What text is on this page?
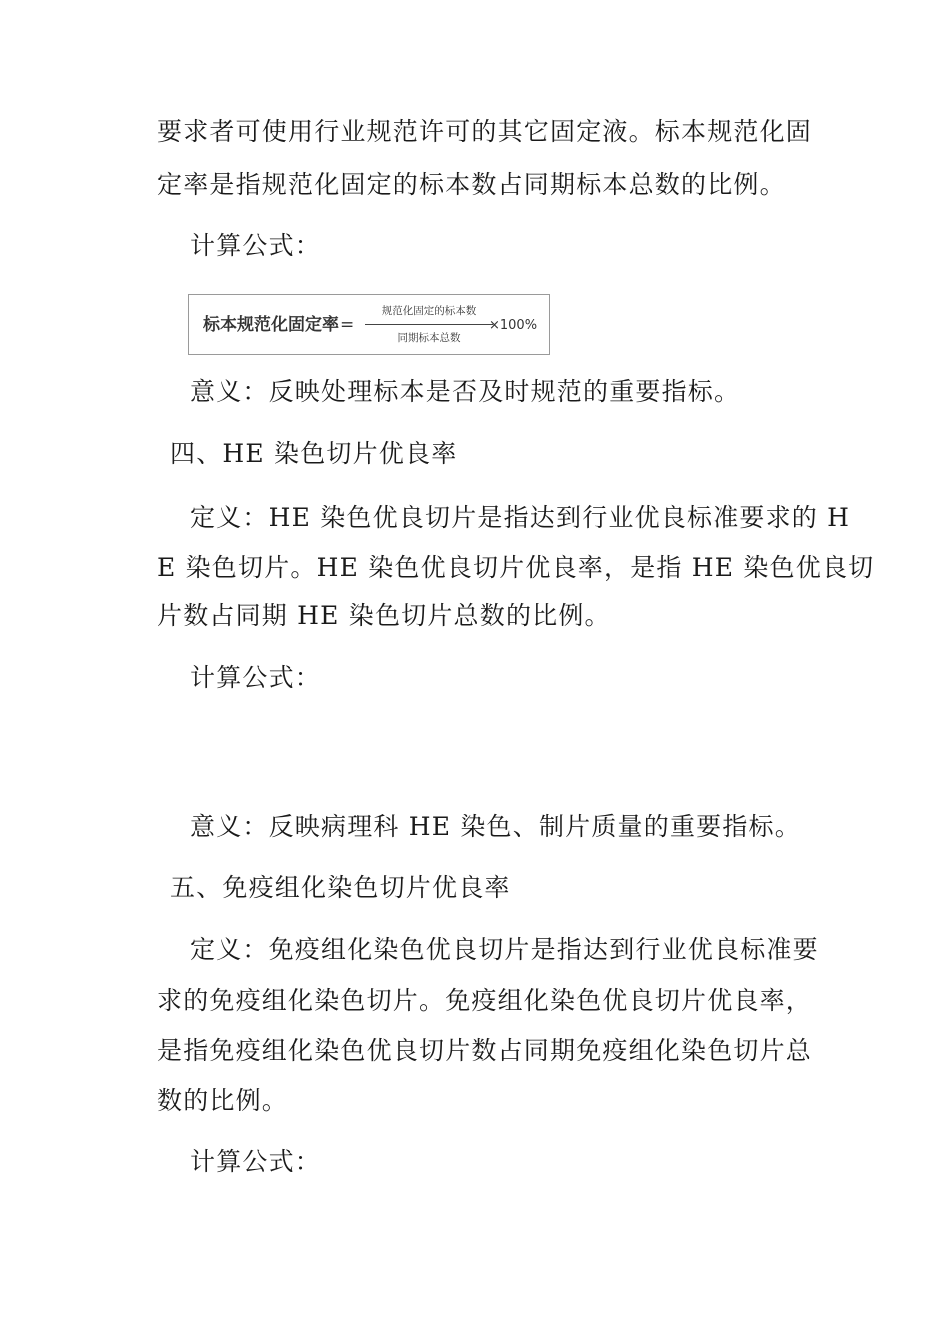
要求者可使用行业规范许可的其它固定液。标本规范化固
定率是指规范化固定的标本数占同期标本总数的比例。
计算公式：
标本规范化固定率 =
规范化固定的标本数
同期标本总数
×100%
意义：反映处理标本是否及时规范的重要指标。
四、HE 染色切片优良率
定义：HE 染色优良切片是指达到行业优良标准要求的 H
E 染色切片。HE 染色优良切片优良率，是指 HE 染色优良切
片数占同期 HE 染色切片总数的比例。
计算公式：
意义：反映病理科 HE 染色、制片质量的重要指标。
五、免疫组化染色切片优良率
定义：免疫组化染色优良切片是指达到行业优良标准要
求的免疫组化染色切片。免疫组化染色优良切片优良率，
是指免疫组化染色优良切片数占同期免疫组化染色切片总
数的比例。
计算公式：
